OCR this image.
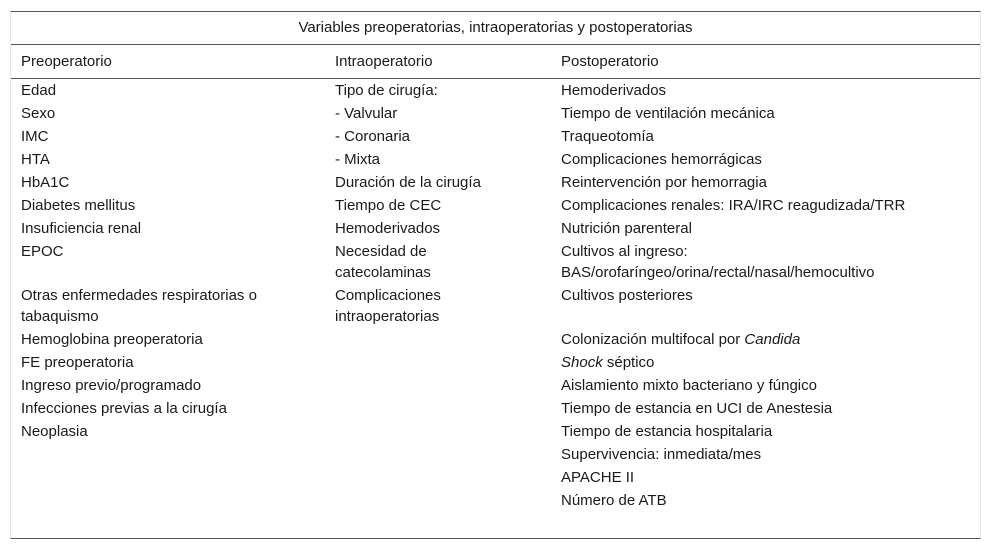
Variables preoperatorias, intraoperatorias y postoperatorias
Preoperatorio	Intraoperatorio	Postoperatorio
Edad
Sexo
IMC
HTA
HbA1C
Diabetes mellitus
Insuficiencia renal
EPOC
Otras enfermedades respiratorias o
tabaquismo
Hemoglobina preoperatoria
FE preoperatoria
Ingreso previo/programado
Infecciones previas a la cirugía
Neoplasia
Tipo de cirugía:
- Valvular
- Coronaria
- Mixta
Duración de la cirugía
Tiempo de CEC
Hemoderivados
Necesidad de
catecolaminas
Complicaciones
intraoperatorias
Hemoderivados
Tiempo de ventilación mecánica
Traqueotomía
Complicaciones hemorrágicas
Reintervención por hemorragia
Complicaciones renales: IRA/IRC reagudizada/TRR
Nutrición parenteral
Cultivos al ingreso:
BAS/orofaríngeo/orina/rectal/nasal/hemocultivo
Cultivos posteriores
Colonización multifocal por Candida
Shock séptico
Aislamiento mixto bacteriano y fúngico
Tiempo de estancia en UCI de Anestesia
Tiempo de estancia hospitalaria
Supervivencia: inmediata/mes
APACHE II
Número de ATB
